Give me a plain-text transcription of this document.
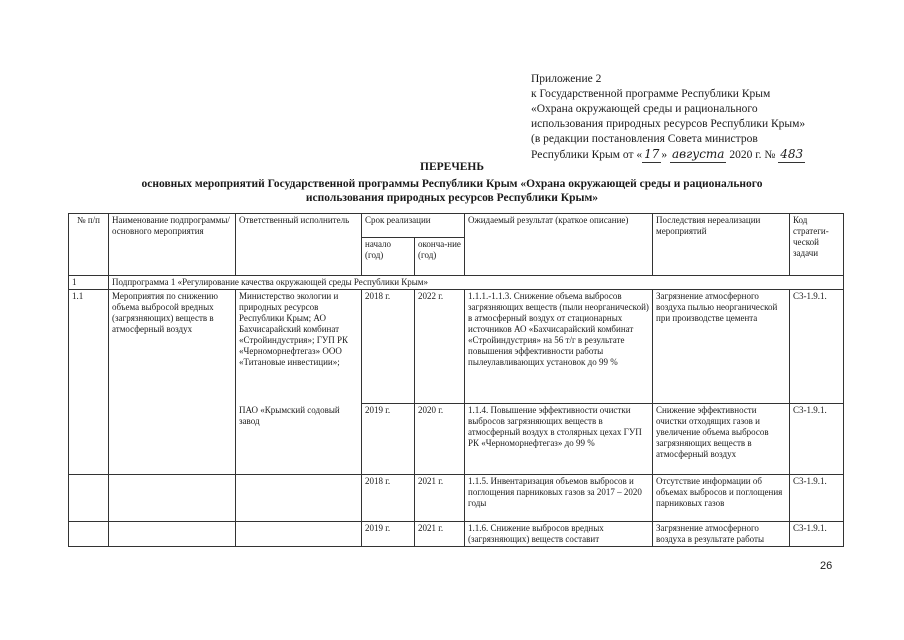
Приложение 2
к Государственной программе Республики Крым
«Охрана окружающей среды и рационального
использования природных ресурсов Республики Крым»
(в редакции постановления Совета министров
Республики Крым от « 17 » августа 2020 г. № 483
ПЕРЕЧЕНЬ
основных мероприятий Государственной программы Республики Крым «Охрана окружающей среды и рационального
использования природных ресурсов Республики Крым»
№ п/п	Наименование подпрограммы/ основного мероприятия	Ответственный исполнитель	Срок реализации		Ожидаемый результат (краткое описание)	Последствия нереализации мероприятий	Код стратеги-ческой задачи
			начало (год)	оконча-ние (год)			
1	Подпрограмма 1 «Регулирование качества окружающей среды Республики Крым»						
1.1	Мероприятия по снижению объема выбросой вредных (загрязняющих) веществ в атмосферный воздух	Министерство экологии и природных ресурсов Республики Крым; АО Бахчисарайский комбинат «Стройиндустрия»; ГУП РК «Черноморнефтегаз» ООО «Титановые инвестиции»;	2018 г.	2022 г.	1.1.1.-1.1.3. Снижение объема выбросов загрязняющих веществ (пыли неорганической) в атмосферный воздух от стационарных источников АО «Бахчисарайский комбинат «Стройиндустрия» на 56 т/г в результате повышения эффективности работы пылеулавливающих установок до 99 %	Загрязнение атмосферного воздуха пылью неорганической при производстве цемента	С3-1.9.1.
		ПАО «Крымский содовый завод	2019 г.	2020 г.	1.1.4. Повышение эффективности очистки выбросов загрязняющих веществ в атмосферный воздух в столярных цехах ГУП РК «Черноморнефтегаз» до 99 %	Снижение эффективности очистки отходящих газов и увеличение объема выбросов загрязняющих веществ в атмосферный воздух	С3-1.9.1.
			2018 г.	2021 г.	1.1.5. Инвентаризация объемов выбросов и поглощения парниковых газов за 2017 – 2020 годы	Отсутствие информации об объемах выбросов и поглощения парниковых газов	С3-1.9.1.
			2019 г.	2021 г.	1.1.6. Снижение выбросов вредных (загрязняющих) веществ составит	Загрязнение атмосферного воздуха в результате работы	С3-1.9.1.
26
